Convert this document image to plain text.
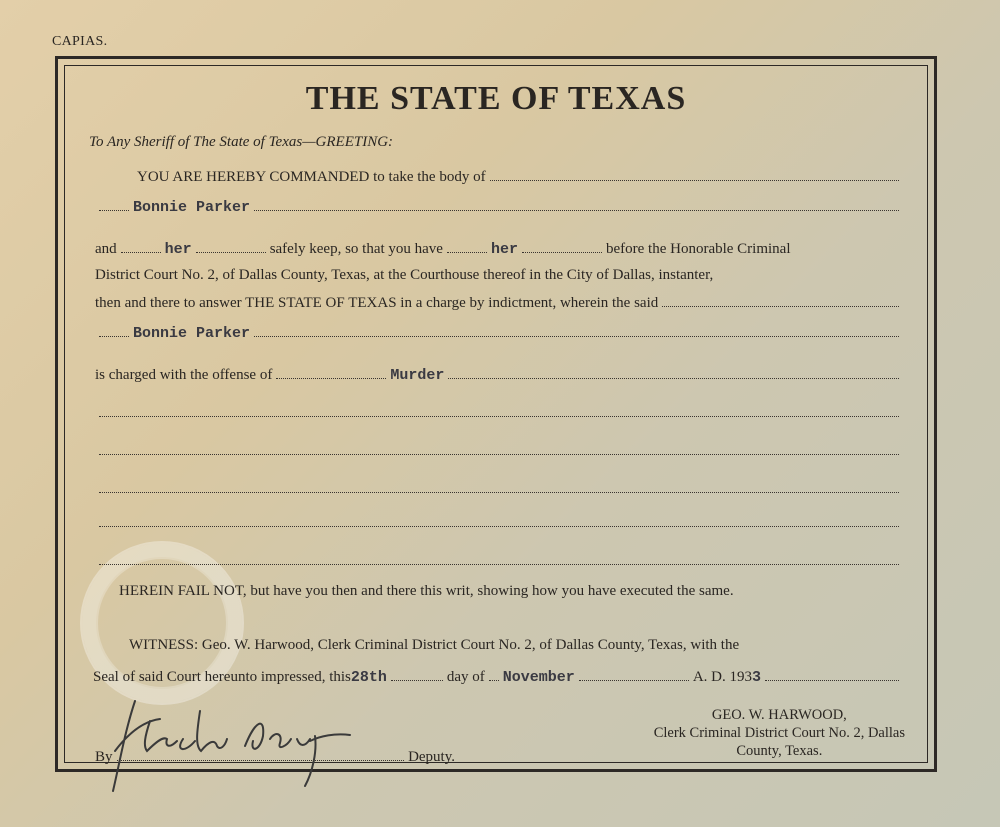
CAPIAS.
THE STATE OF TEXAS
To Any Sheriff of The State of Texas—GREETING:
YOU ARE HEREBY COMMANDED to take the body of
Bonnie Parker
and	her	safely keep, so that you have	her	before the Honorable Criminal
District Court No. 2, of Dallas County, Texas, at the Courthouse thereof in the City of Dallas, instanter,
then and there to answer THE STATE OF TEXAS in a charge by indictment, wherein the said
Bonnie Parker
is charged with the offense of	Murder
HEREIN FAIL NOT, but have you then and there this writ, showing how you have executed the same.
WITNESS: Geo. W. Harwood, Clerk Criminal District Court No. 2, of Dallas County, Texas, with the
Seal of said Court hereunto impressed, this 28th	day of November	A. D. 193 3
By	Deputy.
GEO. W. HARWOOD,
Clerk Criminal District Court No. 2, Dallas
County, Texas.
